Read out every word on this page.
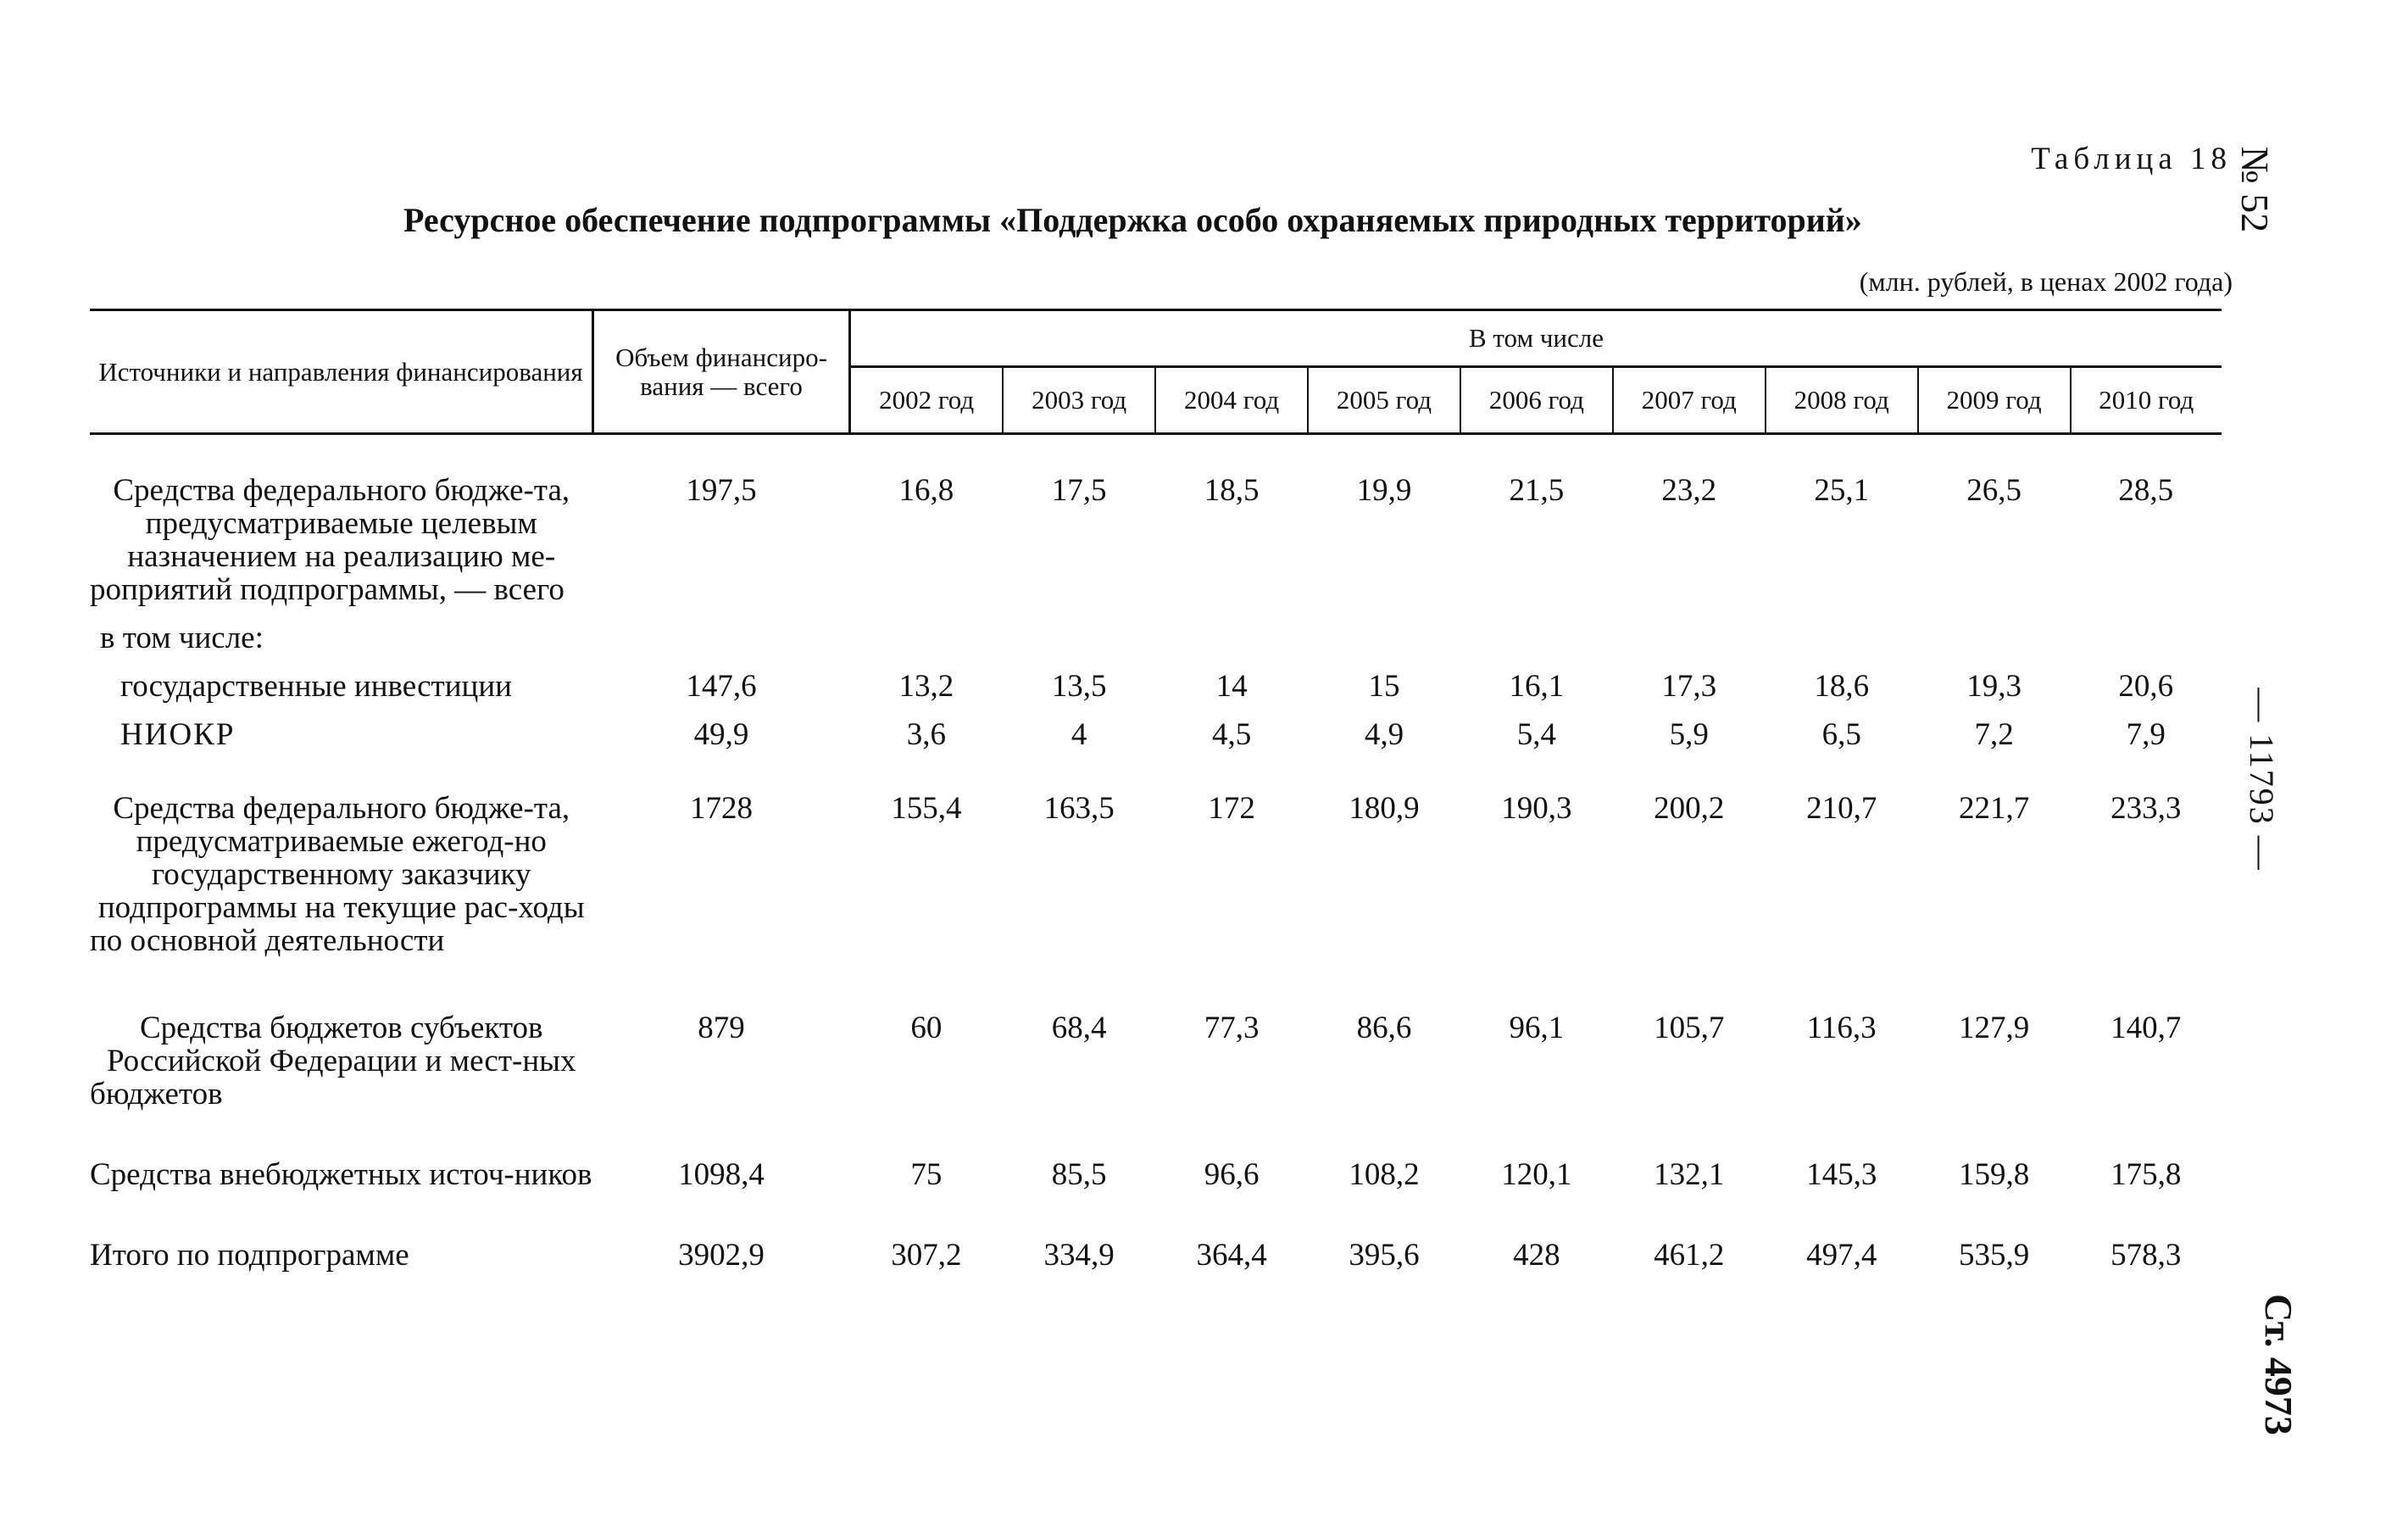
Таблица 18
Ресурсное обеспечение подпрограммы «Поддержка особо охраняемых природных территорий»
(млн. рублей, в ценах 2002 года)
№ 52
— 11793 —
Ст. 4973
Источники и направления финансирования	Объем финансиро-вания — всего	В том числе								
		2002 год	2003 год	2004 год	2005 год	2006 год	2007 год	2008 год	2009 год	2010 год

Средства федерального бюдже-та, предусматриваемые целевым назначением на реализацию ме-роприятий подпрограммы, — всего	197,5	16,8	17,5	18,5	19,9	21,5	23,2	25,1	26,5	28,5

в том числе:										

государственные инвестиции	147,6	13,2	13,5	14	15	16,1	17,3	18,6	19,3	20,6

НИОКР	49,9	3,6	4	4,5	4,9	5,4	5,9	6,5	7,2	7,9

Средства федерального бюдже-та, предусматриваемые ежегод-но государственному заказчику подпрограммы на текущие рас-ходы по основной деятельности	1728	155,4	163,5	172	180,9	190,3	200,2	210,7	221,7	233,3

Средства бюджетов субъектов Российской Федерации и мест-ных бюджетов	879	60	68,4	77,3	86,6	96,1	105,7	116,3	127,9	140,7

Средства внебюджетных источ-ников	1098,4	75	85,5	96,6	108,2	120,1	132,1	145,3	159,8	175,8

Итого по подпрограмме	3902,9	307,2	334,9	364,4	395,6	428	461,2	497,4	535,9	578,3
